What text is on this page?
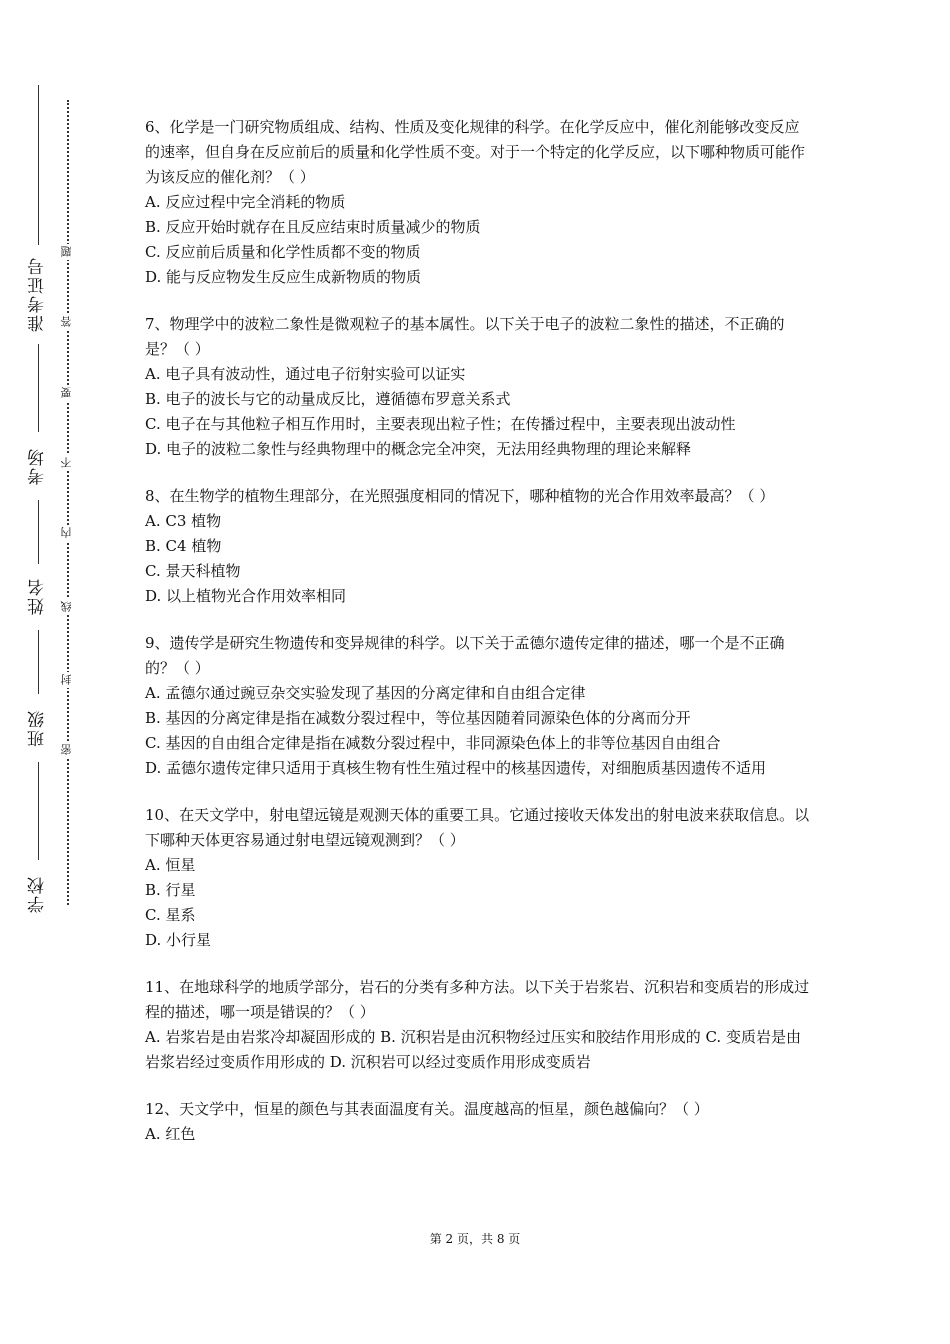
准考证号
考场
姓名
班级
学校
题
答
要
不
内
线
封
密
6、化学是一门研究物质组成、结构、性质及变化规律的科学。在化学反应中，催化剂能够改变反应的速率，但自身在反应前后的质量和化学性质不变。对于一个特定的化学反应，以下哪种物质可能作为该反应的催化剂？（ ）
A. 反应过程中完全消耗的物质
B. 反应开始时就存在且反应结束时质量减少的物质
C. 反应前后质量和化学性质都不变的物质
D. 能与反应物发生反应生成新物质的物质
7、物理学中的波粒二象性是微观粒子的基本属性。以下关于电子的波粒二象性的描述，不正确的是？（ ）
A. 电子具有波动性，通过电子衍射实验可以证实
B. 电子的波长与它的动量成反比，遵循德布罗意关系式
C. 电子在与其他粒子相互作用时，主要表现出粒子性；在传播过程中，主要表现出波动性
D. 电子的波粒二象性与经典物理中的概念完全冲突，无法用经典物理的理论来解释
8、在生物学的植物生理部分，在光照强度相同的情况下，哪种植物的光合作用效率最高？（ ）
A. C3 植物
B. C4 植物
C. 景天科植物
D. 以上植物光合作用效率相同
9、遗传学是研究生物遗传和变异规律的科学。以下关于孟德尔遗传定律的描述，哪一个是不正确的？（ ）
A. 孟德尔通过豌豆杂交实验发现了基因的分离定律和自由组合定律
B. 基因的分离定律是指在减数分裂过程中，等位基因随着同源染色体的分离而分开
C. 基因的自由组合定律是指在减数分裂过程中，非同源染色体上的非等位基因自由组合
D. 孟德尔遗传定律只适用于真核生物有性生殖过程中的核基因遗传，对细胞质基因遗传不适用
10、在天文学中，射电望远镜是观测天体的重要工具。它通过接收天体发出的射电波来获取信息。以下哪种天体更容易通过射电望远镜观测到？（ ）
A. 恒星
B. 行星
C. 星系
D. 小行星
11、在地球科学的地质学部分，岩石的分类有多种方法。以下关于岩浆岩、沉积岩和变质岩的形成过程的描述，哪一项是错误的？（ ）
A. 岩浆岩是由岩浆冷却凝固形成的 B. 沉积岩是由沉积物经过压实和胶结作用形成的 C. 变质岩是由岩浆岩经过变质作用形成的 D. 沉积岩可以经过变质作用形成变质岩
12、天文学中，恒星的颜色与其表面温度有关。温度越高的恒星，颜色越偏向？（ ）
A. 红色
第 2 页，共 8 页
